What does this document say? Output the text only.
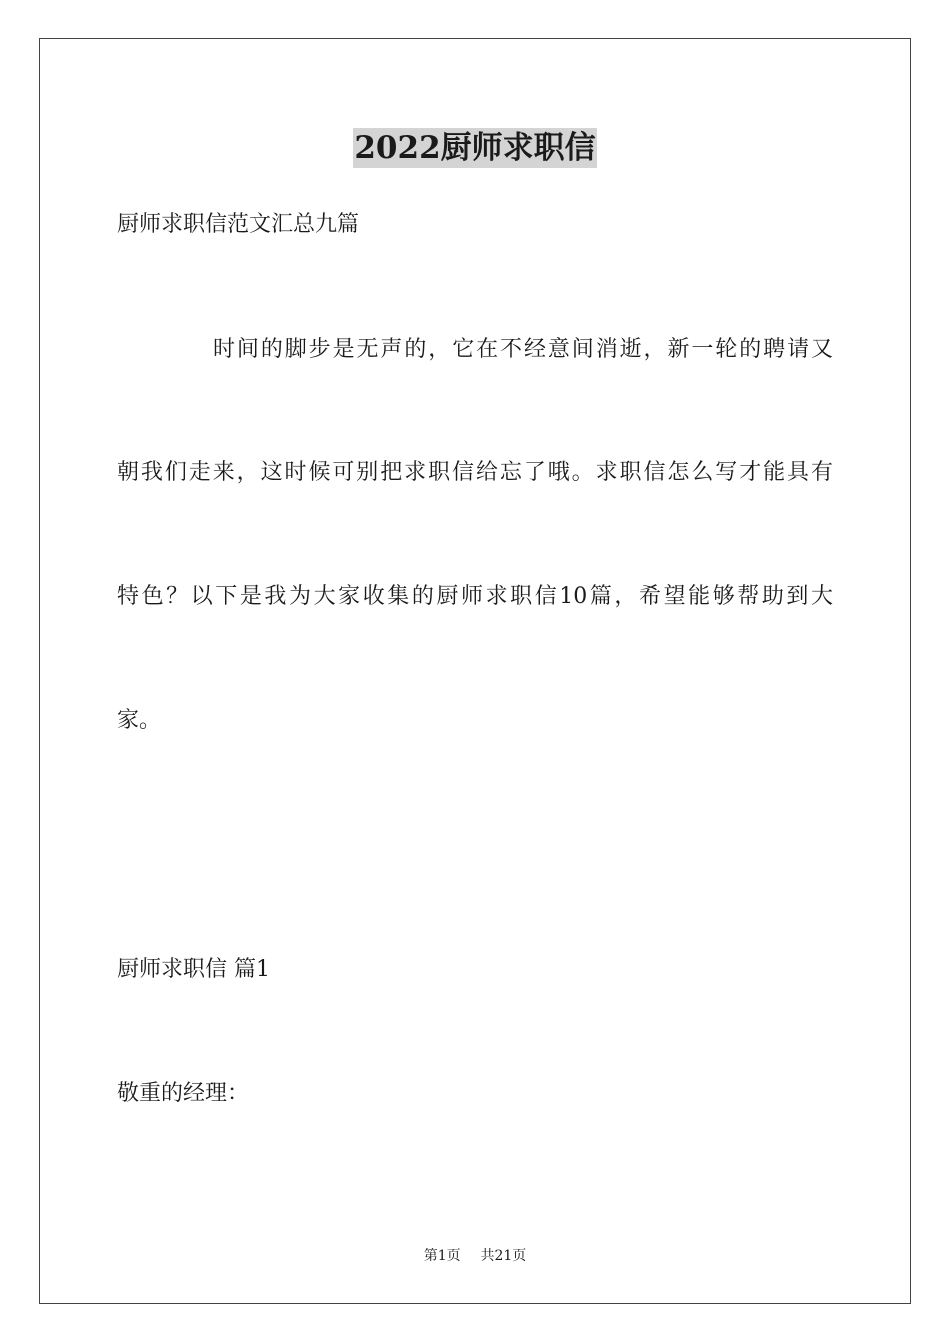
2022厨师求职信
厨师求职信范文汇总九篇
时间的脚步是无声的，它在不经意间消逝，新一轮的聘请又
朝我们走来，这时候可别把求职信给忘了哦。求职信怎么写才能具有
特色？以下是我为大家收集的厨师求职信10篇，希望能够帮助到大
家。
厨师求职信 篇1
敬重的经理：
第1页 共21页
